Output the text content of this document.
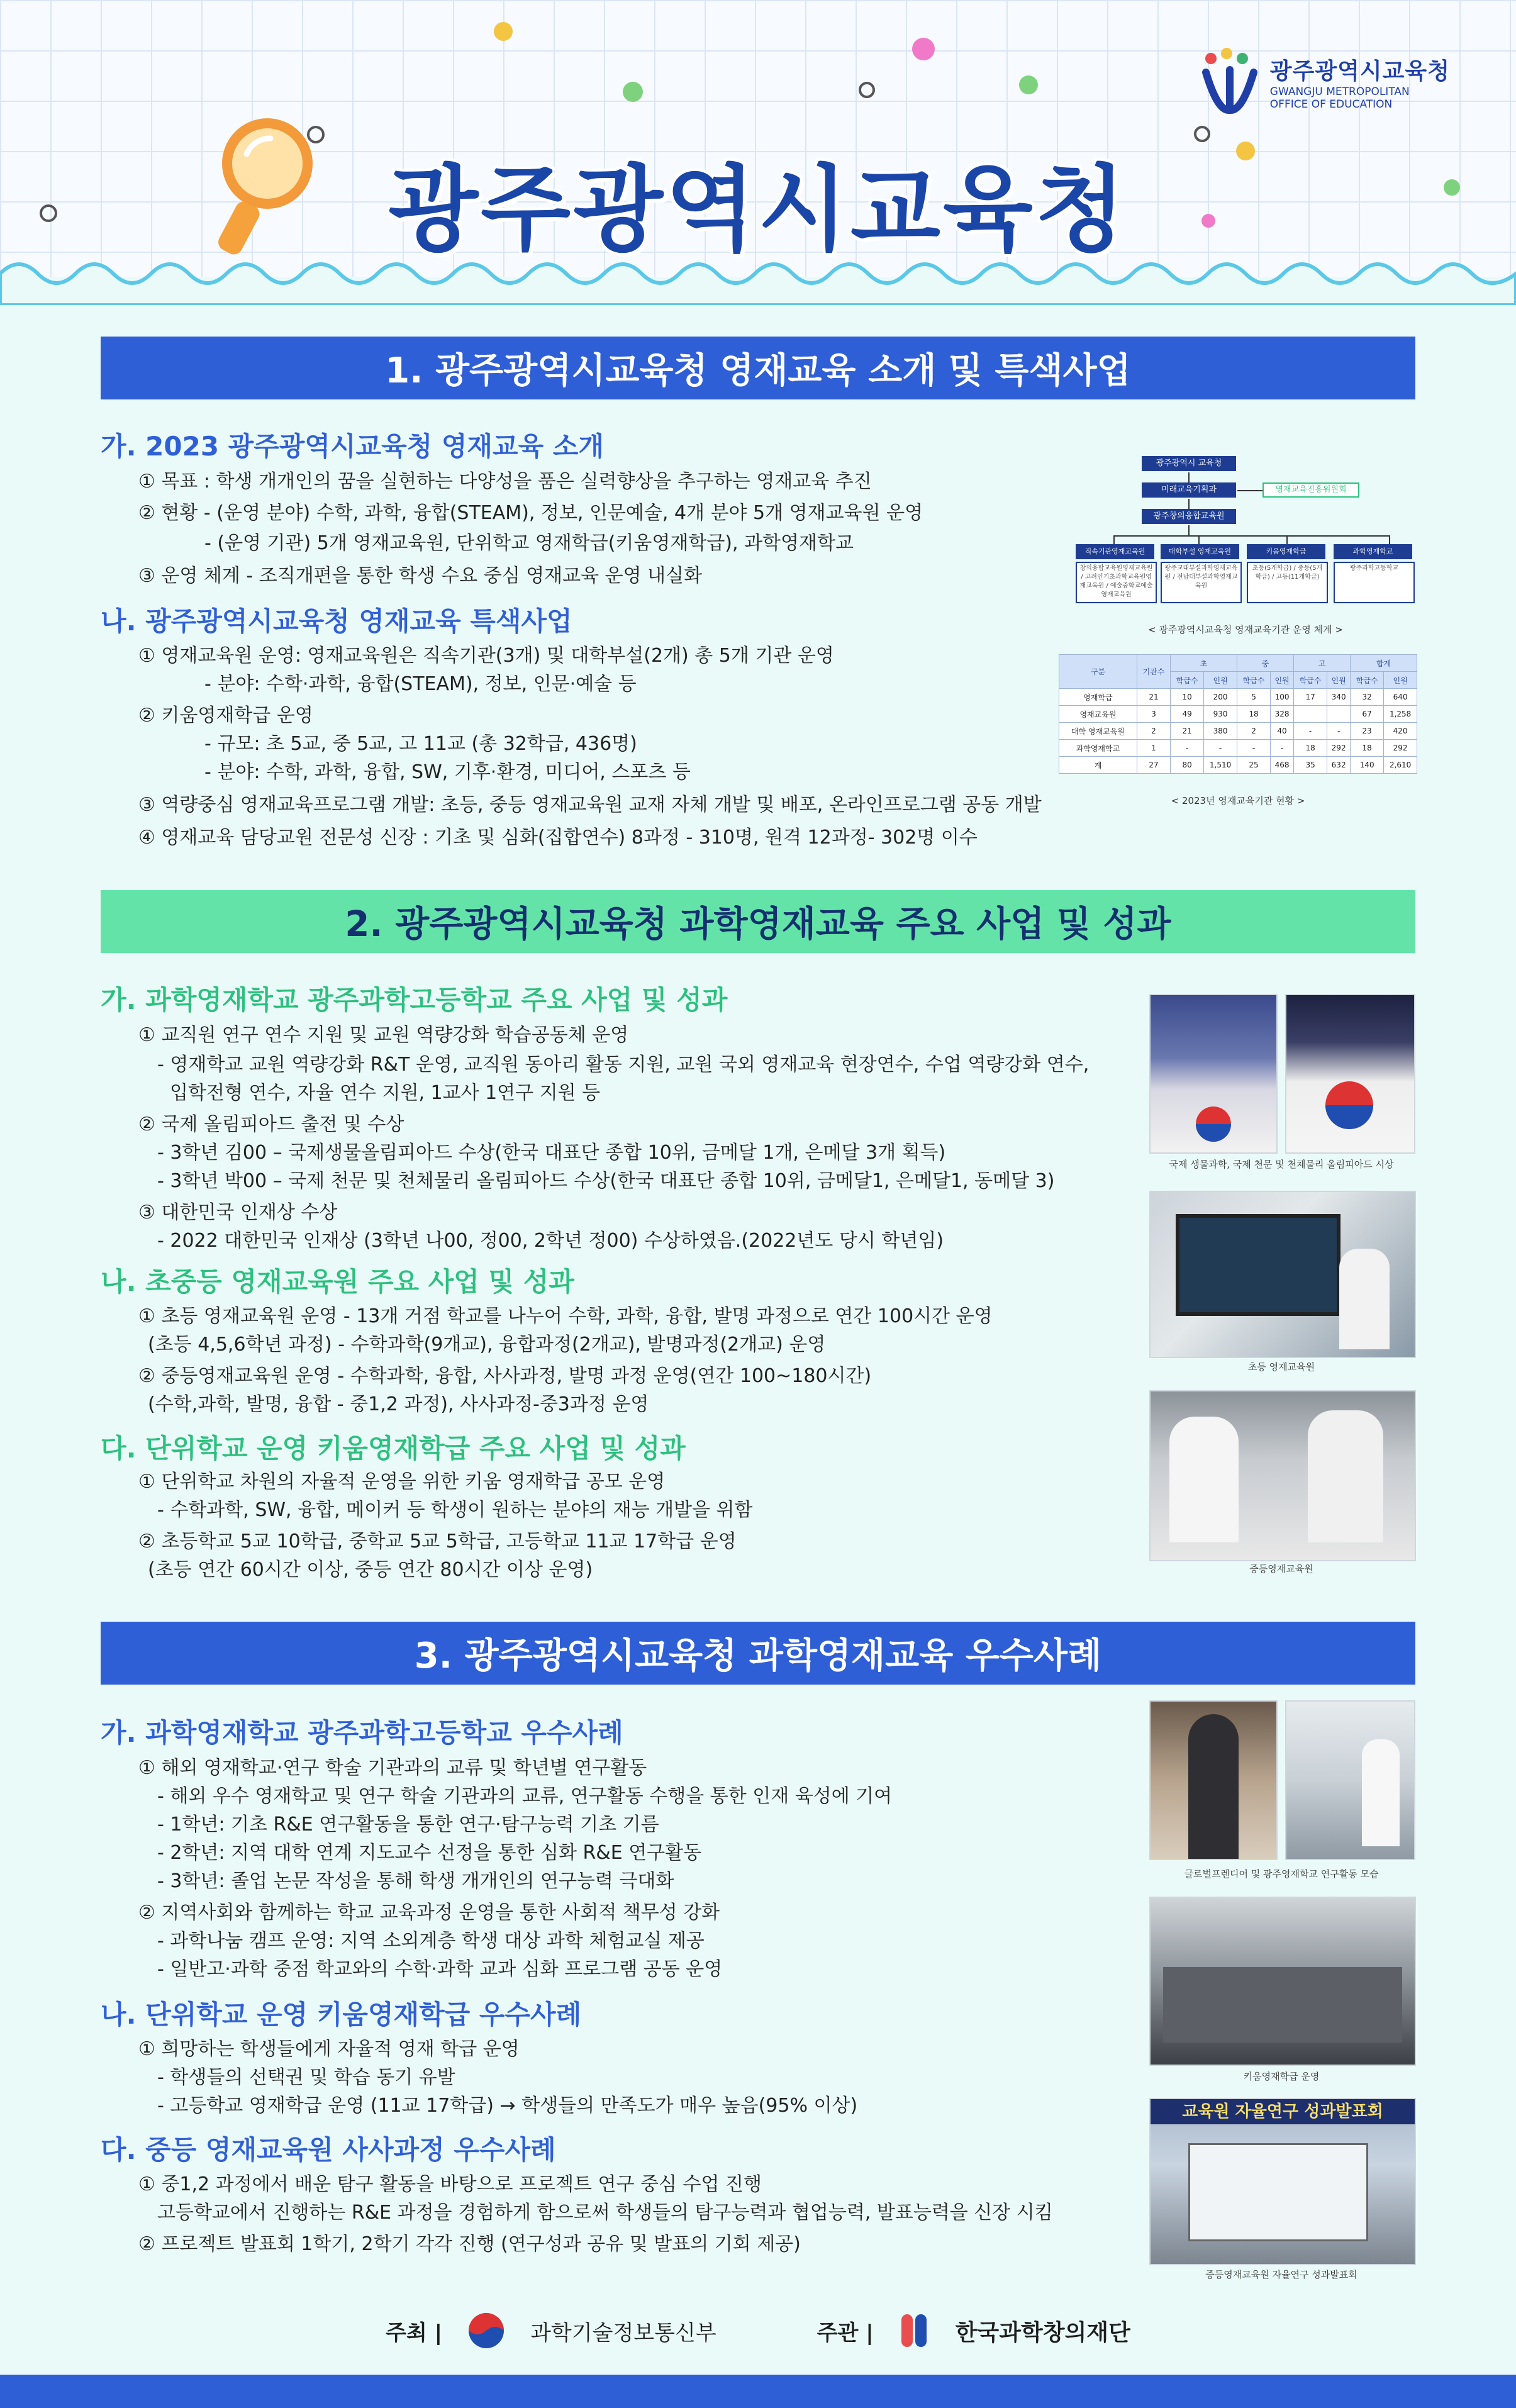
광주광역시교육청
GWANGJU METROPOLITAN
OFFICE OF EDUCATION
광주광역시교육청
1. 광주광역시교육청 영재교육 소개 및 특색사업
가. 2023 광주광역시교육청 영재교육 소개
① 목표 : 학생 개개인의 꿈을 실현하는 다양성을 품은 실력향상을 추구하는 영재교육 추진
② 현황 - (운영 분야) 수학, 과학, 융합(STEAM), 정보, 인문예술, 4개 분야 5개 영재교육원 운영
- (운영 기관) 5개 영재교육원, 단위학교 영재학급(키움영재학급), 과학영재학교
③ 운영 체계 - 조직개편을 통한 학생 수요 중심 영재교육 운영 내실화
나. 광주광역시교육청 영재교육 특색사업
① 영재교육원 운영: 영재교육원은 직속기관(3개) 및 대학부설(2개) 총 5개 기관 운영
- 분야: 수학·과학, 융합(STEAM), 정보, 인문·예술 등
② 키움영재학급 운영
- 규모: 초 5교, 중 5교, 고 11교 (총 32학급, 436명)
- 분야: 수학, 과학, 융합, SW, 기후·환경, 미디어, 스포츠 등
③ 역량중심 영재교육프로그램 개발: 초등, 중등 영재교육원 교재 자체 개발 및 배포, 온라인프로그램 공동 개발
④ 영재교육 담당교원 전문성 신장 : 기초 및 심화(집합연수) 8과정 - 310명, 원격 12과정- 302명 이수
광주광역시 교육청
미래교육기획과	영재교육진흥위원회
광주창의융합교육원
직속기관영재교육원	대학부설 영재교육원	키움영재학급	과학영재학교
창의융합교육원영재교육원 / 고려인기초과학교육원영재교육원 / 예술중학교예술영재교육원
광주교대부설과학영재교육원 / 전남대부설과학영재교육원
초등(5개학급) / 중등(5개학급) / 고등(11개학급)
광주과학고등학교
< 광주광역시교육청 영재교육기관 운영 체계 >
구분	기관수	초		중		고		합계	
		학급수	인원	학급수	인원	학급수	인원	학급수	인원
영재학급	21	10	200	5	100	17	340	32	640
영재교육원	3	49	930	18	328			67	1,258
대학 영재교육원	2	21	380	2	40	-	-	23	420
과학영재학교	1	-	-	-	-	18	292	18	292
계	27	80	1,510	25	468	35	632	140	2,610
< 2023년 영재교육기관 현황 >
2. 광주광역시교육청 과학영재교육 주요 사업 및 성과
가. 과학영재학교 광주과학고등학교 주요 사업 및 성과
① 교직원 연구 연수 지원 및 교원 역량강화 학습공동체 운영
- 영재학교 교원 역량강화 R&T 운영, 교직원 동아리 활동 지원, 교원 국외 영재교육 현장연수, 수업 역량강화 연수,
입학전형 연수, 자율 연수 지원, 1교사 1연구 지원 등
② 국제 올림피아드 출전 및 수상
- 3학년 김00 – 국제생물올림피아드 수상(한국 대표단 종합 10위, 금메달 1개, 은메달 3개 획득)
- 3학년 박00 – 국제 천문 및 천체물리 올림피아드 수상(한국 대표단 종합 10위, 금메달1, 은메달1, 동메달 3)
③ 대한민국 인재상 수상
- 2022 대한민국 인재상 (3학년 나00, 정00, 2학년 정00) 수상하였음.(2022년도 당시 학년임)
나. 초중등 영재교육원 주요 사업 및 성과
① 초등 영재교육원 운영 - 13개 거점 학교를 나누어 수학, 과학, 융합, 발명 과정으로 연간 100시간 운영
(초등 4,5,6학년 과정) - 수학과학(9개교), 융합과정(2개교), 발명과정(2개교) 운영
② 중등영재교육원 운영 - 수학과학, 융합, 사사과정, 발명 과정 운영(연간 100~180시간)
(수학,과학, 발명, 융합 - 중1,2 과정), 사사과정-중3과정 운영
다. 단위학교 운영 키움영재학급 주요 사업 및 성과
① 단위학교 차원의 자율적 운영을 위한 키움 영재학급 공모 운영
- 수학과학, SW, 융합, 메이커 등 학생이 원하는 분야의 재능 개발을 위함
② 초등학교 5교 10학급, 중학교 5교 5학급, 고등학교 11교 17학급 운영
(초등 연간 60시간 이상, 중등 연간 80시간 이상 운영)
국제 생물과학, 국제 천문 및 천체물리 올림피아드 시상
초등 영재교육원
중등영재교육원
3. 광주광역시교육청 과학영재교육 우수사례
가. 과학영재학교 광주과학고등학교 우수사례
① 해외 영재학교·연구 학술 기관과의 교류 및 학년별 연구활동
- 해외 우수 영재학교 및 연구 학술 기관과의 교류, 연구활동 수행을 통한 인재 육성에 기여
- 1학년: 기초 R&E 연구활동을 통한 연구·탐구능력 기초 기름
- 2학년: 지역 대학 연계 지도교수 선정을 통한 심화 R&E 연구활동
- 3학년: 졸업 논문 작성을 통해 학생 개개인의 연구능력 극대화
② 지역사회와 함께하는 학교 교육과정 운영을 통한 사회적 책무성 강화
- 과학나눔 캠프 운영: 지역 소외계층 학생 대상 과학 체험교실 제공
- 일반고·과학 중점 학교와의 수학·과학 교과 심화 프로그램 공동 운영
나. 단위학교 운영 키움영재학급 우수사례
① 희망하는 학생들에게 자율적 영재 학급 운영
- 학생들의 선택권 및 학습 동기 유발
- 고등학교 영재학급 운영 (11교 17학급) → 학생들의 만족도가 매우 높음(95% 이상)
다. 중등 영재교육원 사사과정 우수사례
① 중1,2 과정에서 배운 탐구 활동을 바탕으로 프로젝트 연구 중심 수업 진행
고등학교에서 진행하는 R&E 과정을 경험하게 함으로써 학생들의 탐구능력과 협업능력, 발표능력을 신장 시킴
② 프로젝트 발표회 1학기, 2학기 각각 진행 (연구성과 공유 및 발표의 기회 제공)
글로벌프렌디어 및 광주영재학교 연구활동 모습
키움영재학급 운영
교육원 자율연구 성과발표회
중등영재교육원 자율연구 성과발표회
주최 |	과학기술정보통신부	주관 |	한국과학창의재단
